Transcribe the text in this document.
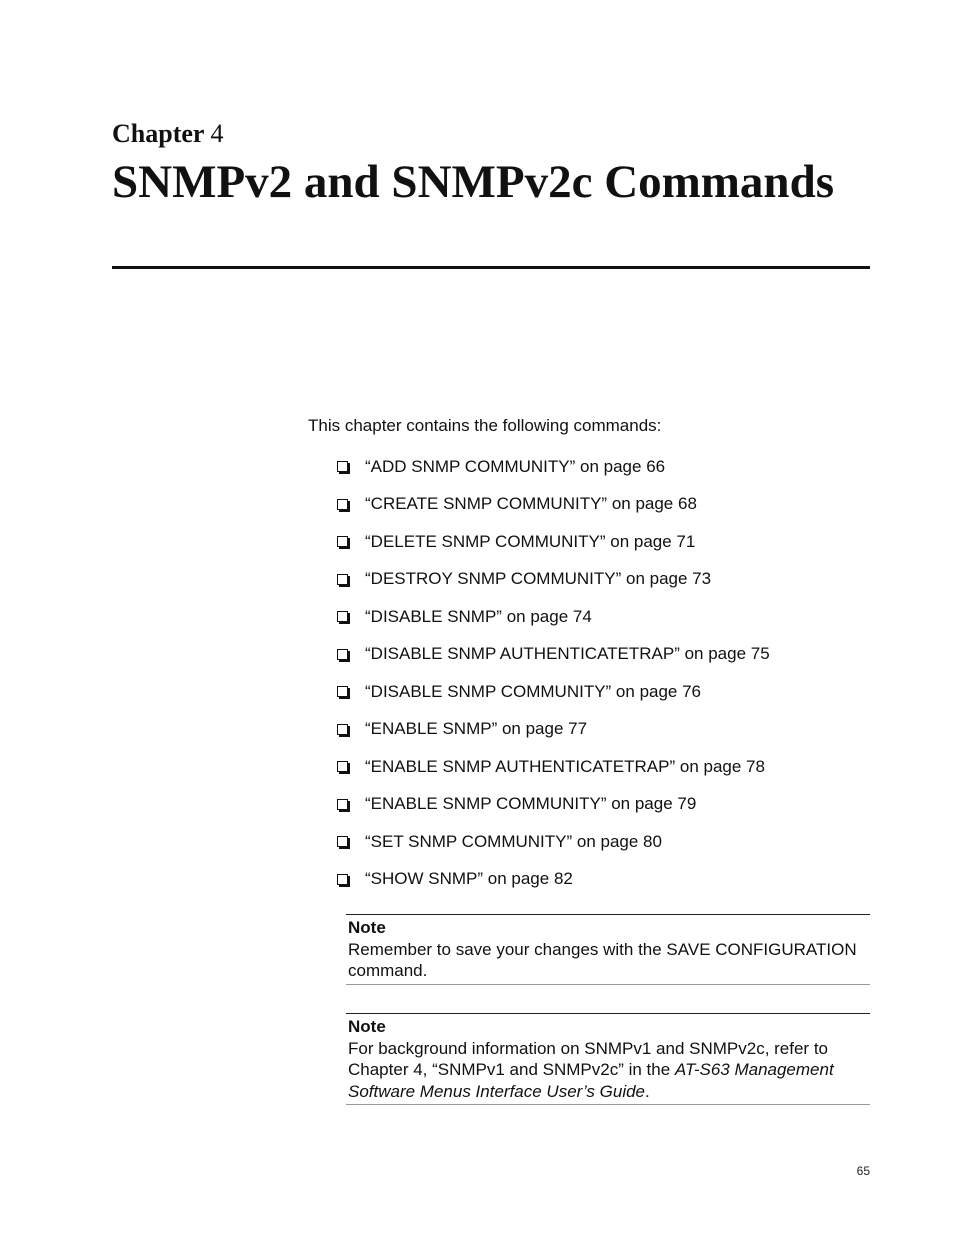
Chapter 4
SNMPv2 and SNMPv2c Commands

This chapter contains the following commands:

“ADD SNMP COMMUNITY” on page 66
“CREATE SNMP COMMUNITY” on page 68
“DELETE SNMP COMMUNITY” on page 71
“DESTROY SNMP COMMUNITY” on page 73
“DISABLE SNMP” on page 74
“DISABLE SNMP AUTHENTICATETRAP” on page 75
“DISABLE SNMP COMMUNITY” on page 76
“ENABLE SNMP” on page 77
“ENABLE SNMP AUTHENTICATETRAP” on page 78
“ENABLE SNMP COMMUNITY” on page 79
“SET SNMP COMMUNITY” on page 80
“SHOW SNMP” on page 82
Note
Remember to save your changes with the SAVE CONFIGURATION command.
Note
For background information on SNMPv1 and SNMPv2c, refer to Chapter 4, “SNMPv1 and SNMPv2c” in the AT-S63 Management Software Menus Interface User’s Guide.
65
